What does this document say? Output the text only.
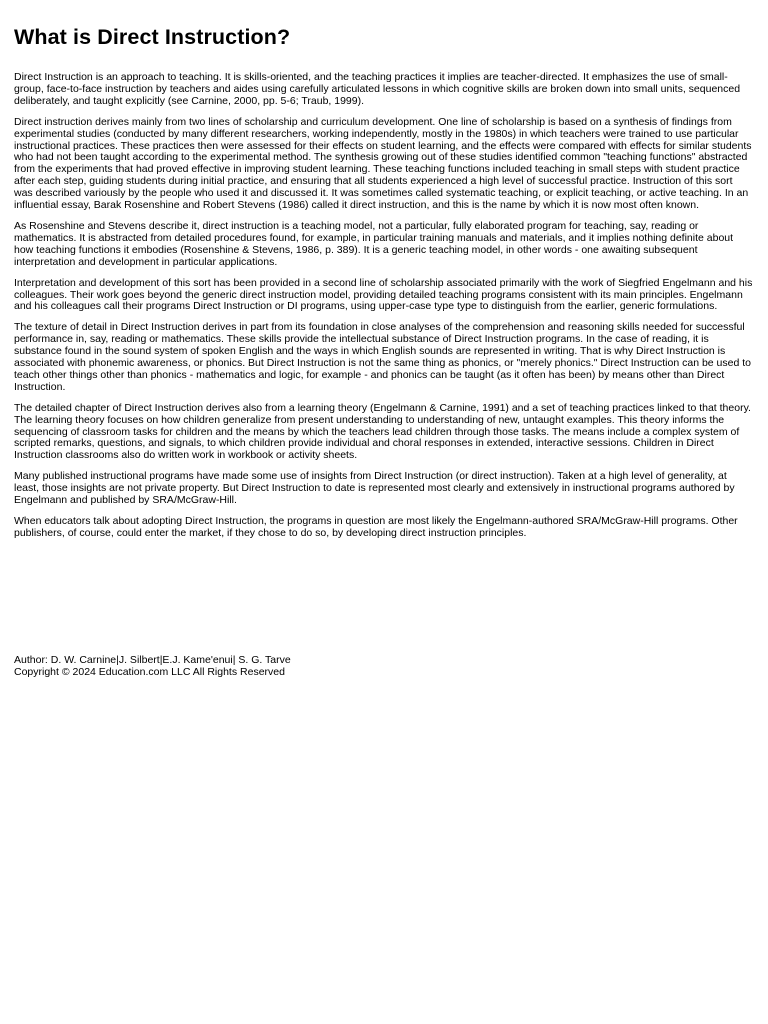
What is Direct Instruction?

Direct Instruction is an approach to teaching. It is skills-oriented, and the teaching practices it implies are teacher-directed. It emphasizes the use of small-group, face-to-face instruction by teachers and aides using carefully articulated lessons in which cognitive skills are broken down into small units, sequenced deliberately, and taught explicitly (see Carnine, 2000, pp. 5-6; Traub, 1999).

Direct instruction derives mainly from two lines of scholarship and curriculum development. One line of scholarship is based on a synthesis of findings from experimental studies (conducted by many different researchers, working independently, mostly in the 1980s) in which teachers were trained to use particular instructional practices. These practices then were assessed for their effects on student learning, and the effects were compared with effects for similar students who had not been taught according to the experimental method. The synthesis growing out of these studies identified common "teaching functions" abstracted from the experiments that had proved effective in improving student learning. These teaching functions included teaching in small steps with student practice after each step, guiding students during initial practice, and ensuring that all students experienced a high level of successful practice. Instruction of this sort was described variously by the people who used it and discussed it. It was sometimes called systematic teaching, or explicit teaching, or active teaching. In an influential essay, Barak Rosenshine and Robert Stevens (1986) called it direct instruction, and this is the name by which it is now most often known.

As Rosenshine and Stevens describe it, direct instruction is a teaching model, not a particular, fully elaborated program for teaching, say, reading or mathematics. It is abstracted from detailed procedures found, for example, in particular training manuals and materials, and it implies nothing definite about how teaching functions it embodies (Rosenshine & Stevens, 1986, p. 389). It is a generic teaching model, in other words - one awaiting subsequent interpretation and development in particular applications.

Interpretation and development of this sort has been provided in a second line of scholarship associated primarily with the work of Siegfried Engelmann and his colleagues. Their work goes beyond the generic direct instruction model, providing detailed teaching programs consistent with its main principles. Engelmann and his colleagues call their programs Direct Instruction or DI programs, using upper-case type type to distinguish from the earlier, generic formulations.

The texture of detail in Direct Instruction derives in part from its foundation in close analyses of the comprehension and reasoning skills needed for successful performance in, say, reading or mathematics. These skills provide the intellectual substance of Direct Instruction programs. In the case of reading, it is substance found in the sound system of spoken English and the ways in which English sounds are represented in writing. That is why Direct Instruction is associated with phonemic awareness, or phonics. But Direct Instruction is not the same thing as phonics, or "merely phonics." Direct Instruction can be used to teach other things other than phonics - mathematics and logic, for example - and phonics can be taught (as it often has been) by means other than Direct Instruction.

The detailed chapter of Direct Instruction derives also from a learning theory (Engelmann & Carnine, 1991) and a set of teaching practices linked to that theory. The learning theory focuses on how children generalize from present understanding to understanding of new, untaught examples. This theory informs the sequencing of classroom tasks for children and the means by which the teachers lead children through those tasks. The means include a complex system of scripted remarks, questions, and signals, to which children provide individual and choral responses in extended, interactive sessions. Children in Direct Instruction classrooms also do written work in workbook or activity sheets.

Many published instructional programs have made some use of insights from Direct Instruction (or direct instruction). Taken at a high level of generality, at least, those insights are not private property. But Direct Instruction to date is represented most clearly and extensively in instructional programs authored by Engelmann and published by SRA/McGraw-Hill.

When educators talk about adopting Direct Instruction, the programs in question are most likely the Engelmann-authored SRA/McGraw-Hill programs. Other publishers, of course, could enter the market, if they chose to do so, by developing direct instruction principles.

Author: D. W. Carnine|J. Silbert|E.J. Kame'enui| S. G. Tarve
Copyright © 2024 Education.com LLC All Rights Reserved
